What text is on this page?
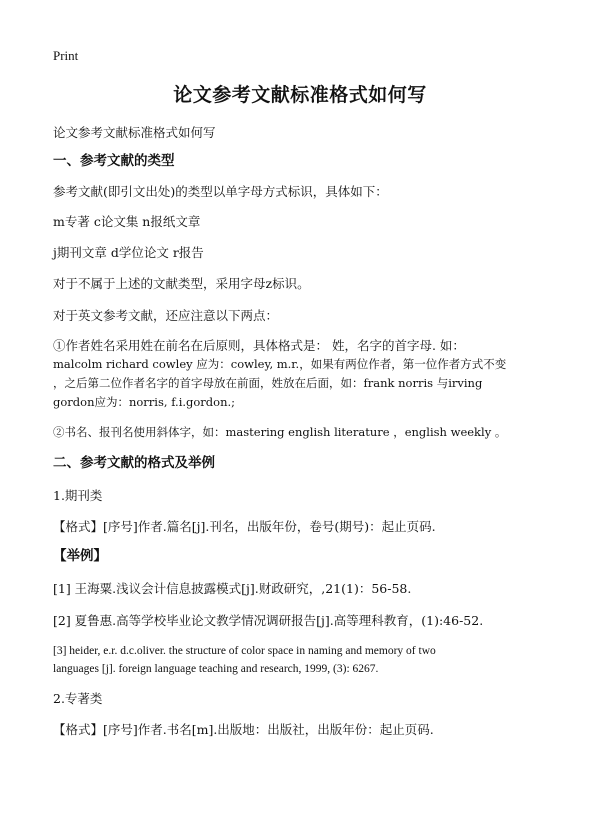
Print
论文参考文献标准格式如何写
论文参考文献标准格式如何写
一、参考文献的类型
参考文献(即引文出处)的类型以单字母方式标识，具体如下：
m专著 c论文集 n报纸文章
j期刊文章 d学位论文 r报告
对于不属于上述的文献类型，采用字母z标识。
对于英文参考文献，还应注意以下两点：
①作者姓名采用姓在前名在后原则，具体格式是： 姓，名字的首字母. 如：
malcolm richard cowley 应为：cowley, m.r.，如果有两位作者，第一位作者方式不变
，之后第二位作者名字的首字母放在前面，姓放在后面，如：frank norris 与irving
gordon应为：norris, f.i.gordon.;
②书名、报刊名使用斜体字，如：mastering english literature ，english weekly 。
二、参考文献的格式及举例
1.期刊类
【格式】[序号]作者.篇名[j].刊名，出版年份，卷号(期号)：起止页码.
【举例】
[1] 王海粟.浅议会计信息披露模式[j].财政研究，,21(1)：56-58.
[2] 夏鲁惠.高等学校毕业论文教学情况调研报告[j].高等理科教育，(1):46-52.
[3] heider, e.r. d.c.oliver. the structure of color space in naming and memory of two
languages [j]. foreign language teaching and research, 1999, (3): 6267.
2.专著类
【格式】[序号]作者.书名[m].出版地：出版社，出版年份：起止页码.
